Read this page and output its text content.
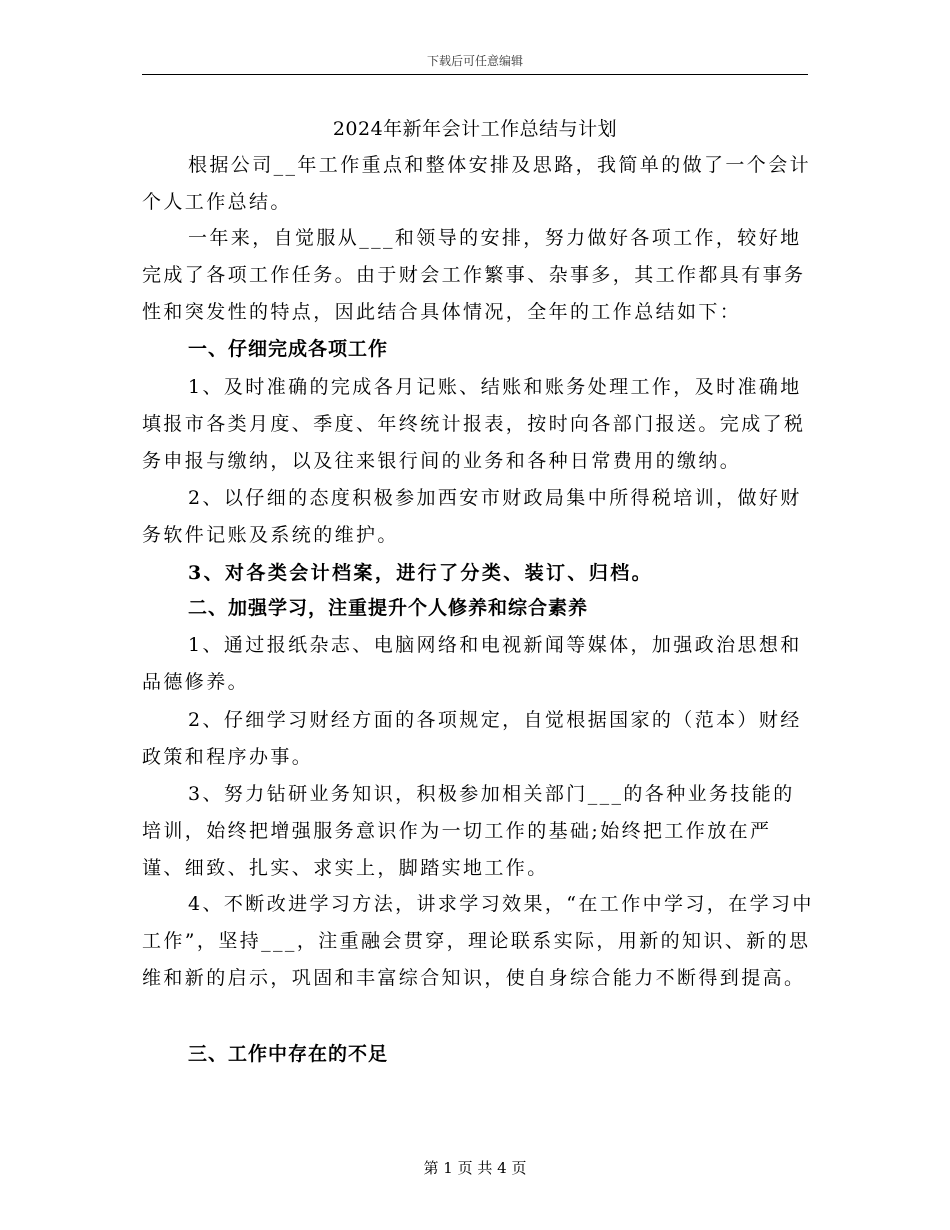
下载后可任意编辑
2024年新年会计工作总结与计划

根据公司__年工作重点和整体安排及思路，我简单的做了一个会计个人工作总结。

一年来，自觉服从___和领导的安排，努力做好各项工作，较好地完成了各项工作任务。由于财会工作繁事、杂事多，其工作都具有事务性和突发性的特点，因此结合具体情况，全年的工作总结如下：

一、仔细完成各项工作

1、及时准确的完成各月记账、结账和账务处理工作，及时准确地填报市各类月度、季度、年终统计报表，按时向各部门报送。完成了税务申报与缴纳，以及往来银行间的业务和各种日常费用的缴纳。

2、以仔细的态度积极参加西安市财政局集中所得税培训，做好财务软件记账及系统的维护。

3、对各类会计档案，进行了分类、装订、归档。

二、加强学习，注重提升个人修养和综合素养

1、通过报纸杂志、电脑网络和电视新闻等媒体，加强政治思想和品德修养。

2、仔细学习财经方面的各项规定，自觉根据国家的（范本）财经政策和程序办事。

3、努力钻研业务知识，积极参加相关部门___的各种业务技能的培训，始终把增强服务意识作为一切工作的基础;始终把工作放在严谨、细致、扎实、求实上，脚踏实地工作。

4、不断改进学习方法，讲求学习效果，“在工作中学习，在学习中工作”，坚持___，注重融会贯穿，理论联系实际，用新的知识、新的思维和新的启示，巩固和丰富综合知识，使自身综合能力不断得到提高。

三、工作中存在的不足

第 1 页 共 4 页
